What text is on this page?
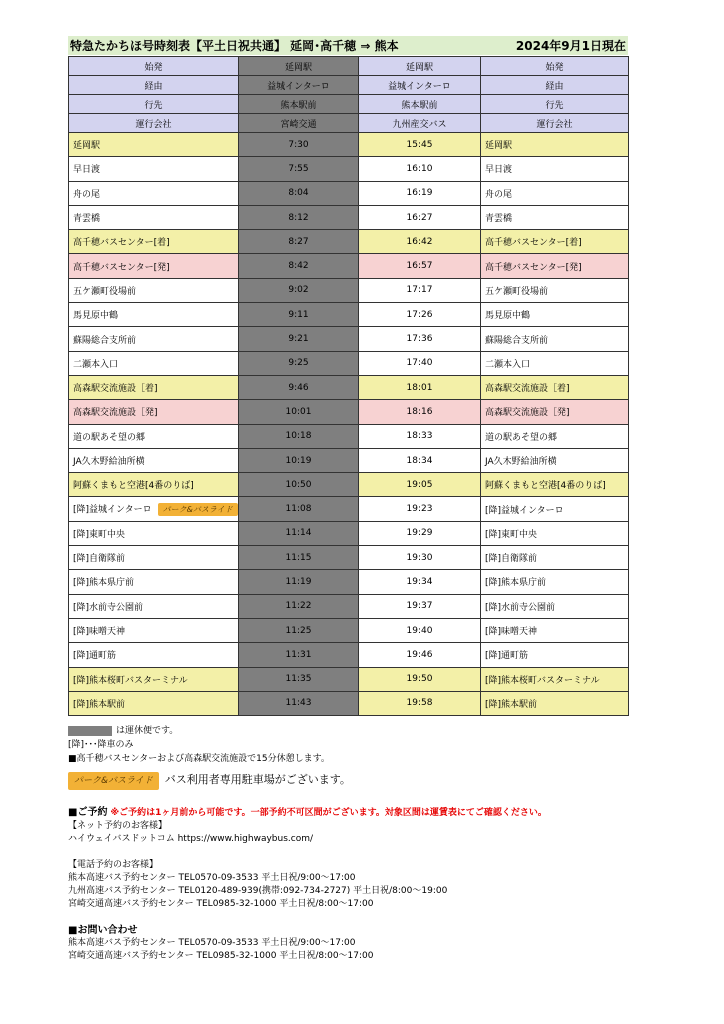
特急たかちほ号時刻表【平土日祝共通】 延岡･高千穂 ⇒ 熊本	2024年9月1日現在
始発	延岡駅	延岡駅	始発
経由	益城インターロ	益城インターロ	経由
行先	熊本駅前	熊本駅前	行先
運行会社	宮崎交通	九州産交バス	運行会社
延岡駅	7:30	15:45	延岡駅
早日渡	7:55	16:10	早日渡
舟の尾	8:04	16:19	舟の尾
青雲橋	8:12	16:27	青雲橋
高千穂バスセンター[着]	8:27	16:42	高千穂バスセンター[着]
高千穂バスセンター[発]	8:42	16:57	高千穂バスセンター[発]
五ケ瀬町役場前	9:02	17:17	五ケ瀬町役場前
馬見原中鶴	9:11	17:26	馬見原中鶴
蘇陽総合支所前	9:21	17:36	蘇陽総合支所前
二瀬本入口	9:25	17:40	二瀬本入口
高森駅交流施設［着]	9:46	18:01	高森駅交流施設［着]
高森駅交流施設［発]	10:01	18:16	高森駅交流施設［発]
道の駅あそ望の郷	10:18	18:33	道の駅あそ望の郷
JA久木野給油所横	10:19	18:34	JA久木野給油所横
阿蘇くまもと空港[4番のりば]	10:50	19:05	阿蘇くまもと空港[4番のりば]
[降]益城インターロ パーク&バスライド	11:08	19:23	[降]益城インターロ
[降]東町中央	11:14	19:29	[降]東町中央
[降]自衛隊前	11:15	19:30	[降]自衛隊前
[降]熊本県庁前	11:19	19:34	[降]熊本県庁前
[降]水前寺公園前	11:22	19:37	[降]水前寺公園前
[降]味噌天神	11:25	19:40	[降]味噌天神
[降]通町筋	11:31	19:46	[降]通町筋
[降]熊本桜町バスターミナル	11:35	19:50	[降]熊本桜町バスターミナル
[降]熊本駅前	11:43	19:58	[降]熊本駅前
は運休便です。
[降]･･･降車のみ
■高千穂バスセンターおよび高森駅交流施設で15分休憩します。
パーク&バスライド バス利用者専用駐車場がございます。
■ご予約 ※ご予約は1ヶ月前から可能です。一部予約不可区間がございます。対象区間は運賃表にてご確認ください。
【ネット予約のお客様】
ハイウェイバスドットコム https://www.highwaybus.com/
【電話予約のお客様】
熊本高速バス予約センター TEL0570-09-3533 平土日祝/9:00～17:00
九州高速バス予約センター TEL0120-489-939(携帯:092-734-2727) 平土日祝/8:00～19:00
宮崎交通高速バス予約センター TEL0985-32-1000 平土日祝/8:00～17:00
■お問い合わせ
熊本高速バス予約センター TEL0570-09-3533 平土日祝/9:00～17:00
宮崎交通高速バス予約センター TEL0985-32-1000 平土日祝/8:00～17:00
